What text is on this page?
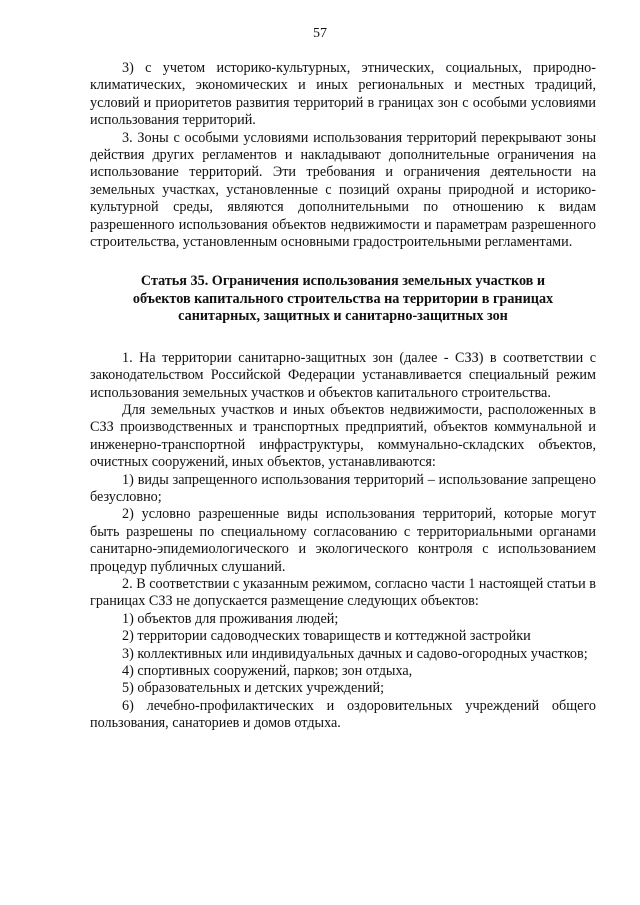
57

3) с учетом историко-культурных, этнических, социальных, природно-климатических, экономических и иных региональных и местных традиций, условий и приоритетов развития территорий в границах зон с особыми условиями использования территорий.

3. Зоны с особыми условиями использования территорий перекрывают зоны действия других регламентов и накладывают дополнительные ограничения на использование территорий. Эти требования и ограничения деятельности на земельных участках, установленные с позиций охраны природной и историко-культурной среды, являются дополнительными по отношению к видам разрешенного использования объектов недвижимости и параметрам разрешенного строительства, установленным основными градостроительными регламентами.

Статья 35. Ограничения использования земельных участков и
объектов капитального строительства на территории в границах
санитарных, защитных и санитарно-защитных зон

1. На территории санитарно-защитных зон (далее - СЗЗ) в соответствии с законодательством Российской Федерации устанавливается специальный режим использования земельных участков и объектов капитального строительства.

Для земельных участков и иных объектов недвижимости, расположенных в СЗЗ производственных и транспортных предприятий, объектов коммунальной и инженерно-транспортной инфраструктуры, коммунально-складских объектов, очистных сооружений, иных объектов, устанавливаются:

1) виды запрещенного использования территорий – использование запрещено безусловно;

2) условно разрешенные виды использования территорий, которые могут быть разрешены по специальному согласованию с территориальными органами санитарно-эпидемиологического и экологического контроля с использованием процедур публичных слушаний.

2. В соответствии с указанным режимом, согласно части 1 настоящей статьи в границах СЗЗ не допускается размещение следующих объектов:

1) объектов для проживания людей;

2) территории садоводческих товариществ и коттеджной застройки

3) коллективных или индивидуальных дачных и садово-огородных участков;

4) спортивных сооружений, парков; зон отдыха,

5) образовательных и детских учреждений;

6) лечебно-профилактических и оздоровительных учреждений общего пользования, санаториев и домов отдыха.
